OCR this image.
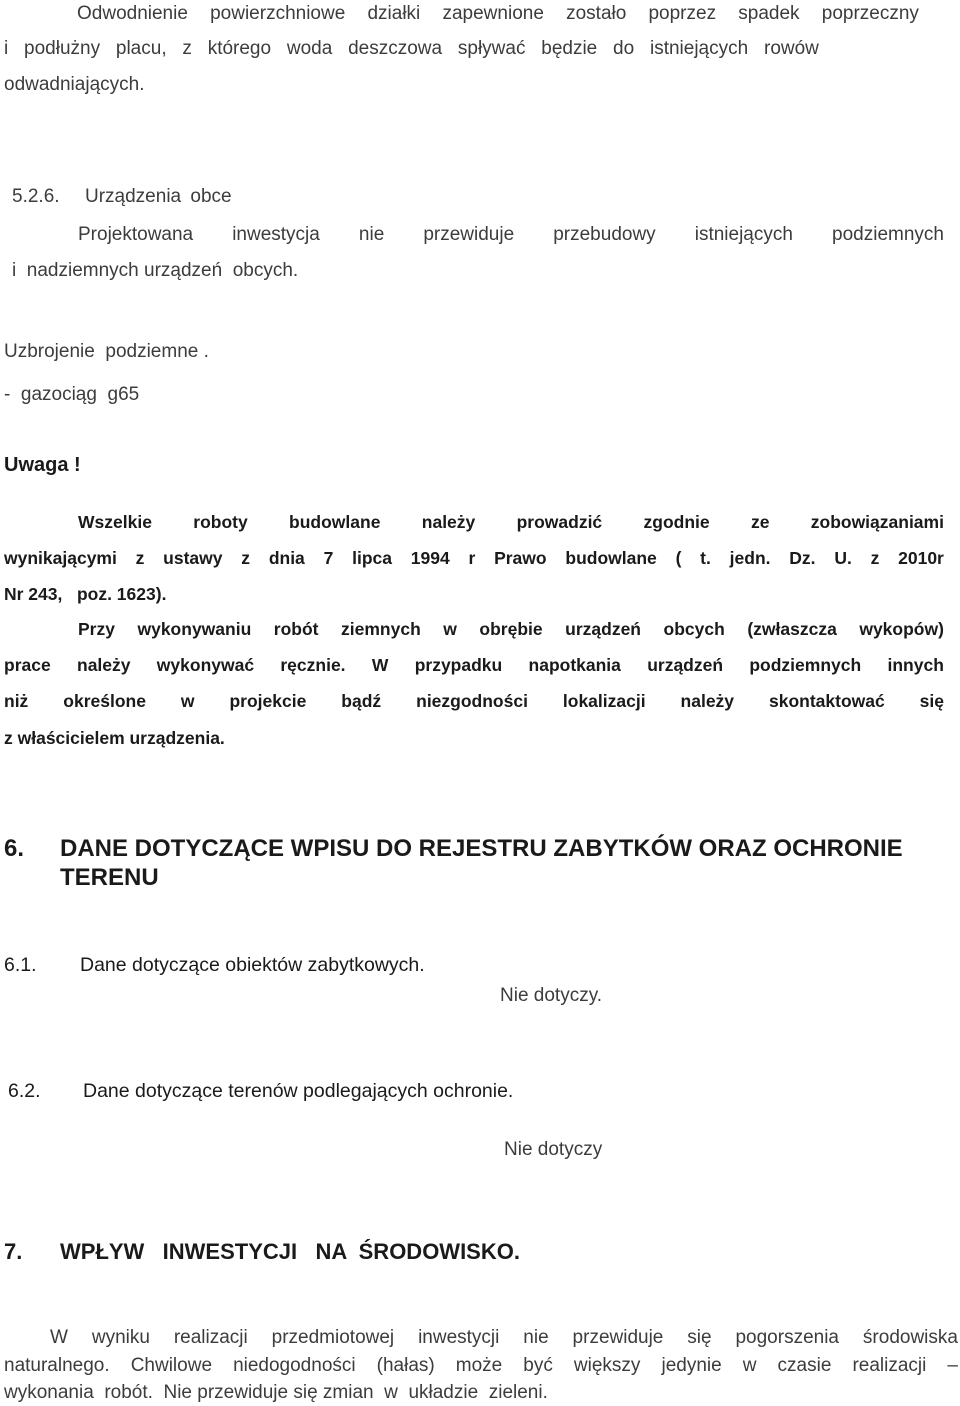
Odwodnienie powierzchniowe działki zapewnione zostało poprzez spadek poprzeczny
i podłużny placu, z którego woda deszczowa spływać będzie do istniejących rowów
odwadniających.
5.2.6. Urządzenia obce
Projektowana inwestycja nie przewiduje przebudowy istniejących podziemnych
i  nadziemnych urządzeń  obcych.
Uzbrojenie  podziemne .
-  gazociąg  g65
Uwaga !
Wszelkie roboty budowlane należy prowadzić zgodnie ze zobowiązaniami
wynikającymi z ustawy z dnia 7 lipca 1994 r Prawo budowlane ( t. jedn. Dz. U. z 2010r
Nr 243,   poz. 1623).
Przy wykonywaniu robót ziemnych w obrębie urządzeń obcych (zwłaszcza wykopów)
prace należy wykonywać ręcznie. W przypadku napotkania urządzeń podziemnych innych
niż określone w projekcie bądź niezgodności lokalizacji należy skontaktować się
z właścicielem urządzenia.
6. DANE DOTYCZĄCE WPISU DO REJESTRU ZABYTKÓW ORAZ OCHRONIE
TERENU
6.1. Dane dotyczące obiektów zabytkowych.
Nie dotyczy.
6.2. Dane dotyczące terenów podlegających ochronie.
Nie dotyczy
7. WPŁYW   INWESTYCJI   NA  ŚRODOWISKO.
W wyniku realizacji przedmiotowej inwestycji nie przewiduje się pogorszenia środowiska
naturalnego. Chwilowe niedogodności (hałas) może być większy jedynie w czasie realizacji –
wykonania  robót.  Nie przewiduje się zmian  w  układzie  zieleni.
